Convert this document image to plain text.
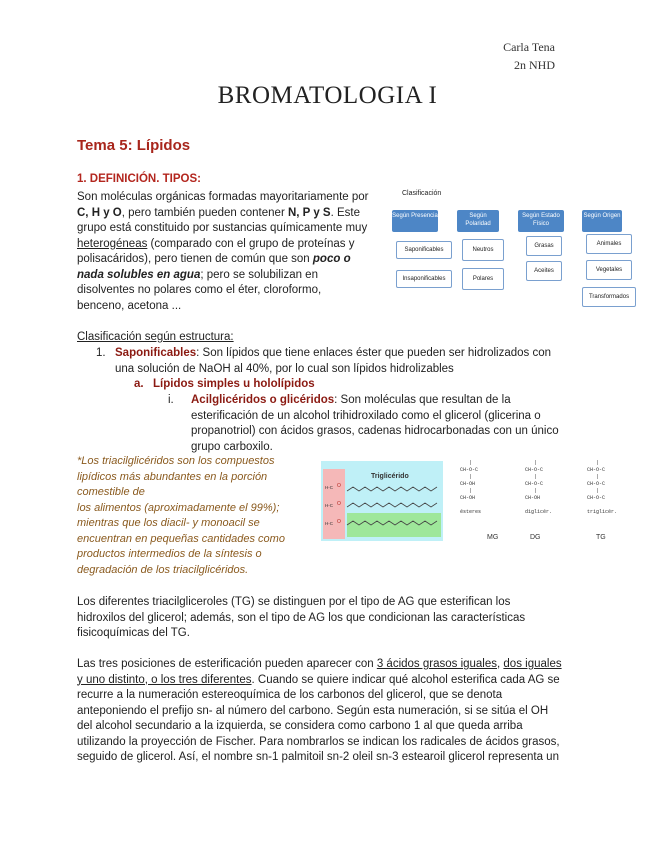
Carla Tena
2n NHD
BROMATOLOGIA I
Tema 5: Lípidos
1. DEFINICIÓN. TIPOS:
Son moléculas orgánicas formadas mayoritariamente por
C, H y O, pero también pueden contener N, P y S. Este
grupo está constituido por sustancias químicamente muy
heterogéneas (comparado con el grupo de proteínas y
polisacáridos), pero tienen de común que son poco o
nada solubles en agua; pero se solubilizan en
disolventes no polares como el éter, cloroformo,
benceno, acetona ...
Clasificación
Según Presencia
Saponificables
Insaponificables
Según Polaridad
Neutros
Polares
Según Estado Físico
Grasas
Aceites
Según Origen
Animales
Vegetales
Transformados
Clasificación según estructura:
1. Saponificables: Son lípidos que tiene enlaces éster que pueden ser hidrolizados con
una solución de NaOH al 40%, por lo cual son lípidos hidrolizables
a. Lípidos simples u hololípidos
i. Acilglicéridos o glicéridos: Son moléculas que resultan de la
esterificación de un alcohol trihidroxilado como el glicerol (glicerina o
propanotriol) con ácidos grasos, cadenas hidrocarbonadas con un único
grupo carboxilo.
*Los triacilglicéridos son los compuestos
lipídicos más abundantes en la porción
comestible de
los alimentos (aproximadamente el 99%);
mientras que los diacil- y monoacil se
encuentran en pequeñas cantidades como
productos intermedios de la síntesis o
degradación de los triacilglicéridos.
Triglicérido
O
O
O
H-C
H-C
H-C
|
CH-O-C
|
CH-OH
|
CH-OH

ésteres
|
CH-O-C
|
CH-O-C
|
CH-OH

diglicér.
|
CH-O-C
|
CH-O-C
|
CH-O-C

triglicér.
MG	DG	TG
Los diferentes triacilgliceroles (TG) se distinguen por el tipo de AG que esterifican los
hidroxilos del glicerol; además, son el tipo de AG los que condicionan las características
fisicoquímicas del TG.
Las tres posiciones de esterificación pueden aparecer con 3 ácidos grasos iguales, dos iguales
y uno distinto, o los tres diferentes. Cuando se quiere indicar qué alcohol esterifica cada AG se
recurre a la numeración estereoquímica de los carbonos del glicerol, que se denota
anteponiendo el prefijo sn- al número del carbono. Según esta numeración, si se sitúa el OH
del alcohol secundario a la izquierda, se considera como carbono 1 al que queda arriba
utilizando la proyección de Fischer. Para nombrarlos se indican los radicales de ácidos grasos,
seguido de glicerol. Así, el nombre sn-1 palmitoil sn-2 oleil sn-3 estearoil glicerol representa un
